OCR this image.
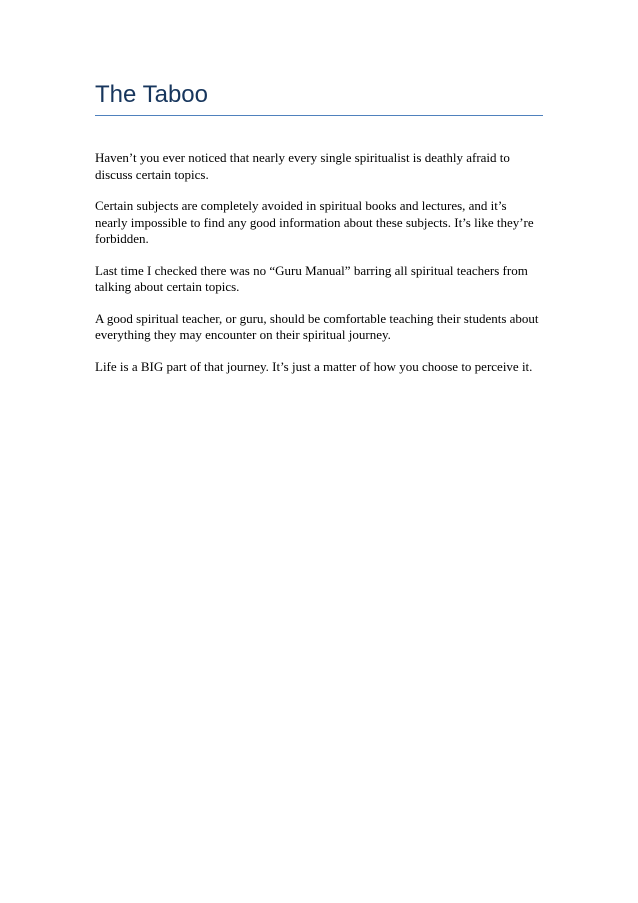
The Taboo

Haven’t you ever noticed that nearly every single spiritualist is deathly afraid to discuss certain topics.

Certain subjects are completely avoided in spiritual books and lectures, and it’s nearly impossible to find any good information about these subjects. It’s like they’re forbidden.

Last time I checked there was no “Guru Manual” barring all spiritual teachers from talking about certain topics.

A good spiritual teacher, or guru, should be comfortable teaching their students about everything they may encounter on their spiritual journey.

Life is a BIG part of that journey. It’s just a matter of how you choose to perceive it.
